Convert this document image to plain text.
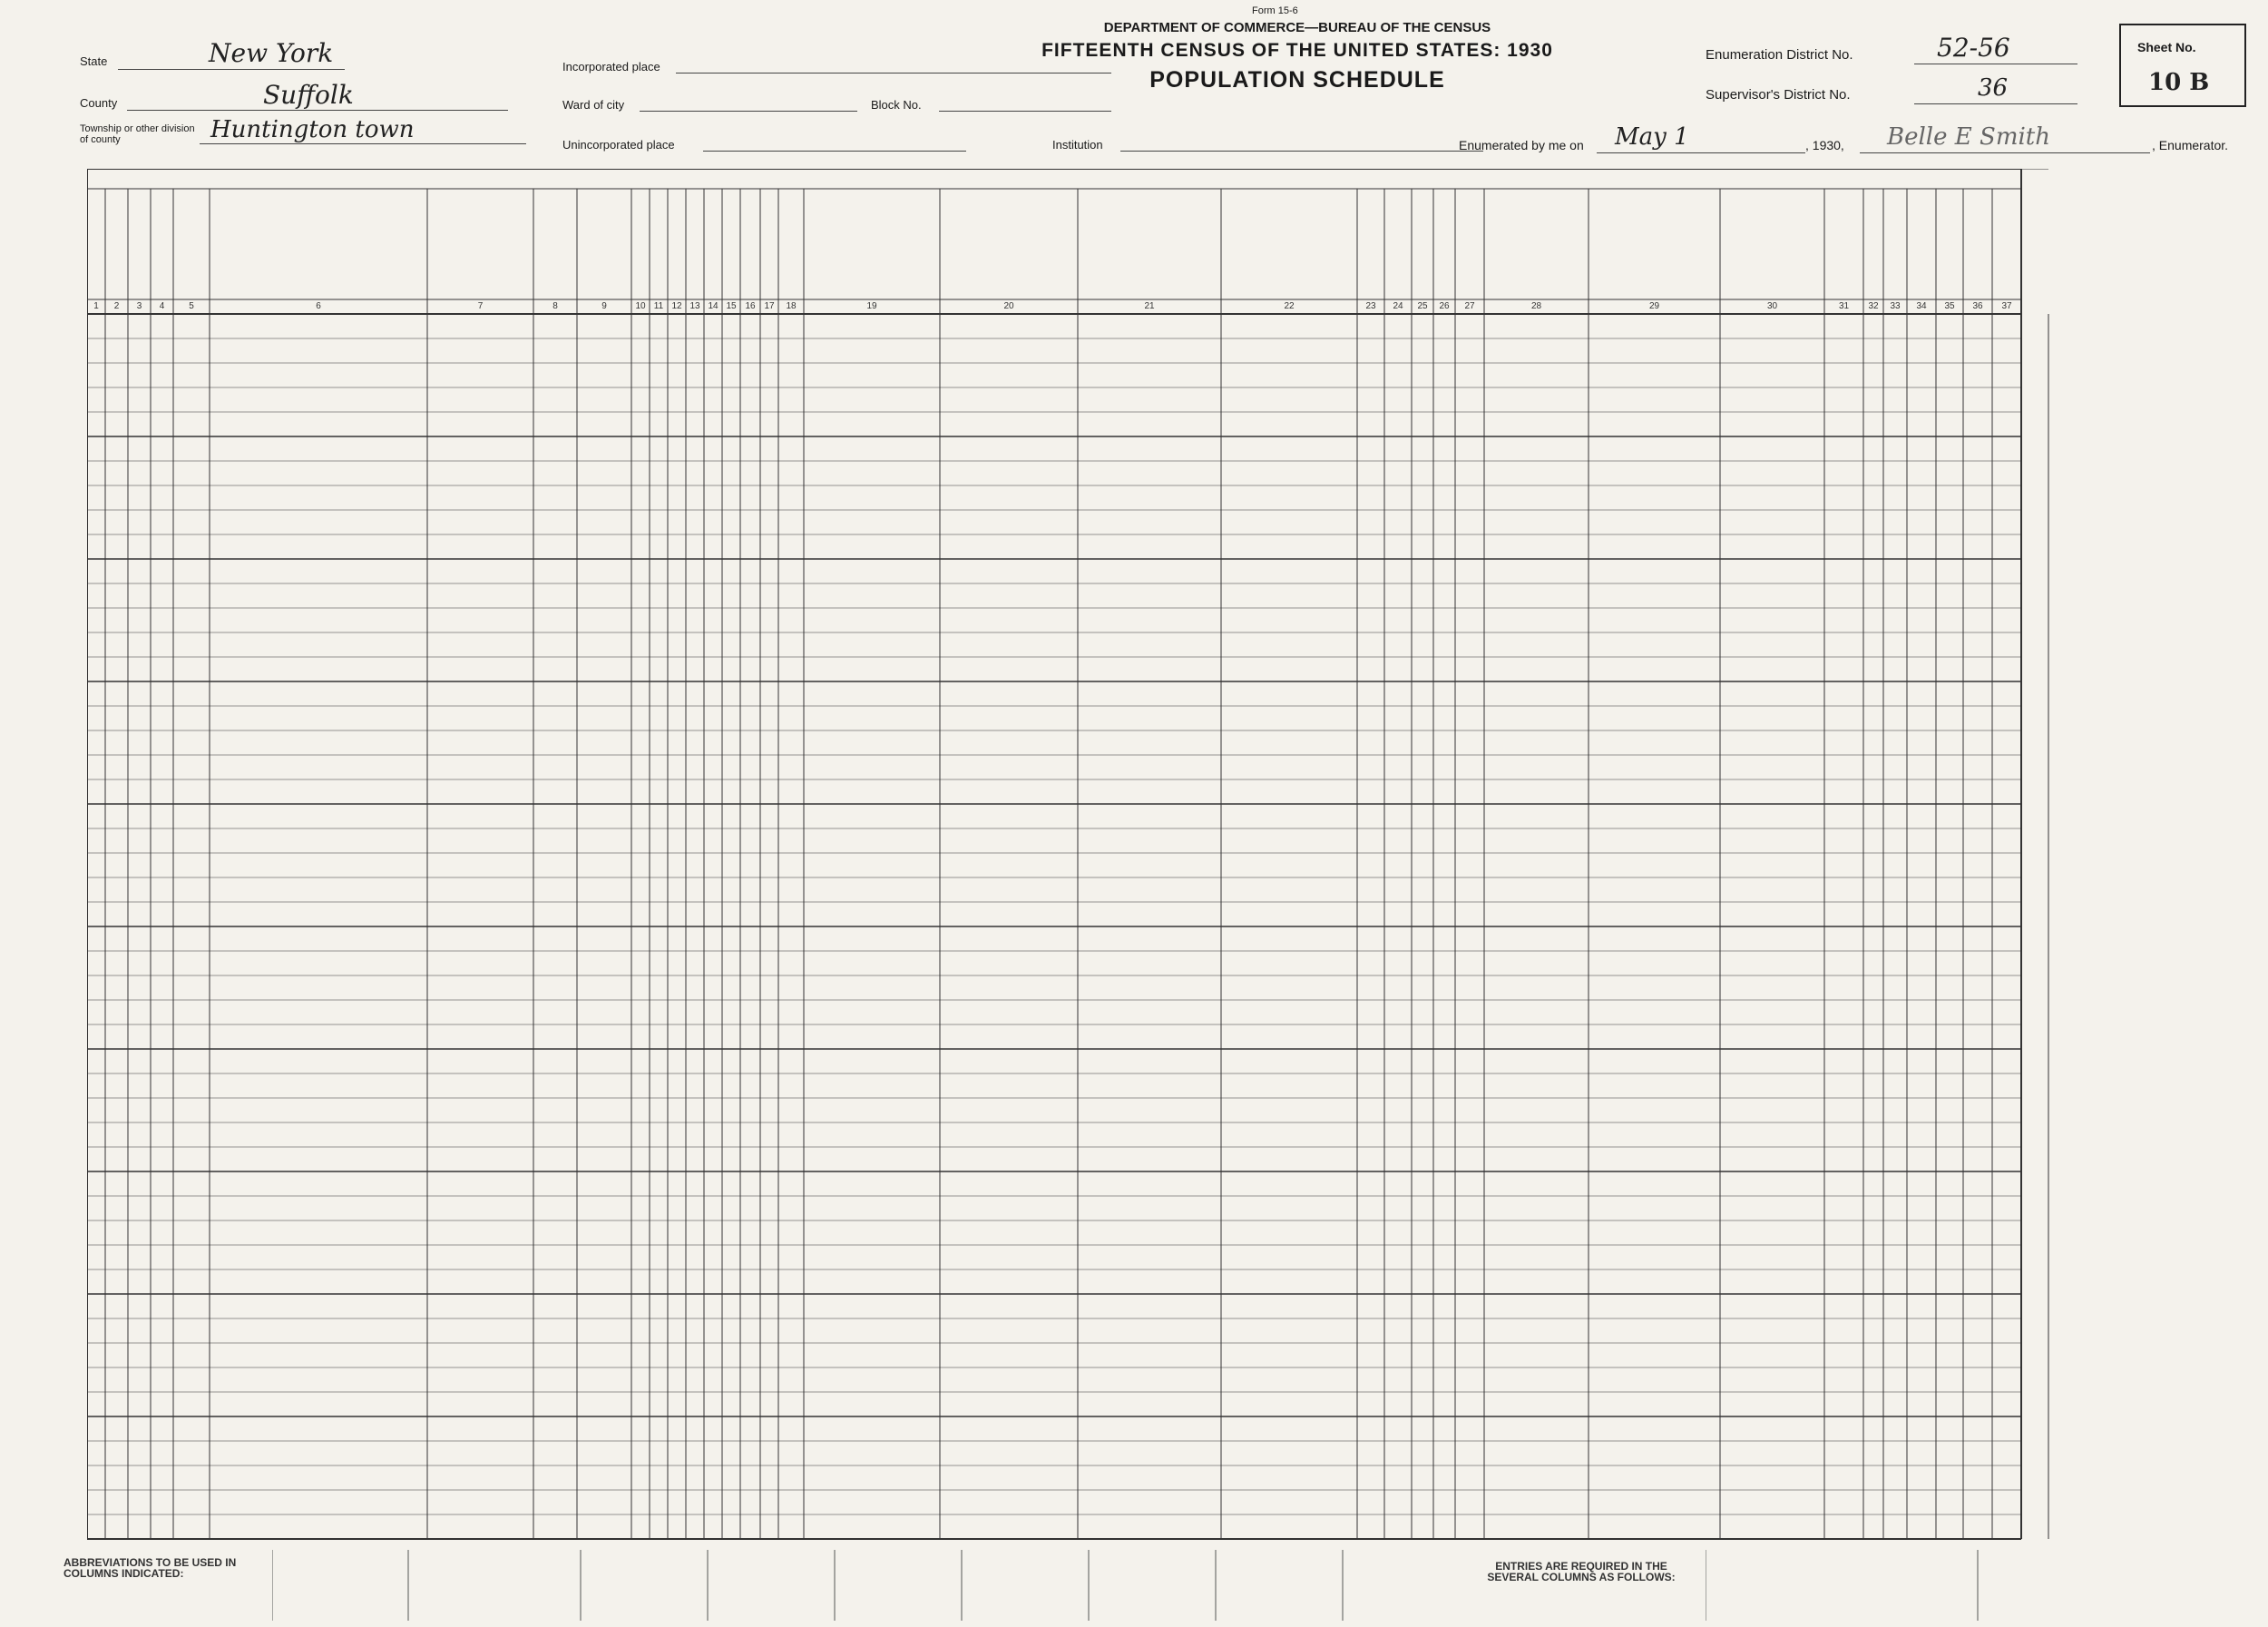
Form 15-6
DEPARTMENT OF COMMERCE—BUREAU OF THE CENSUS
FIFTEENTH CENSUS OF THE UNITED STATES: 1930
POPULATION SCHEDULE
State	New York
County	Suffolk
Township or other division of county	Huntington town
Incorporated place
Ward of city	Block No.
Unincorporated place	Institution
Enumeration District No.	52-56
Supervisor's District No.	36
Sheet No.
10 B
Enumerated by me on May 1	, 1930, Belle E Smith	, Enumerator.
1	2	3	4	5	6	7	8	9	10 11 12 13 14 15 16 17	18	19	20	21	22	23	24	25	26	27	28	29	30	31	32	33	34	35	36	37
ABBREVIATIONS TO BE USED IN COLUMNS INDICATED:
ENTRIES ARE REQUIRED IN THE SEVERAL COLUMNS AS FOLLOWS:
